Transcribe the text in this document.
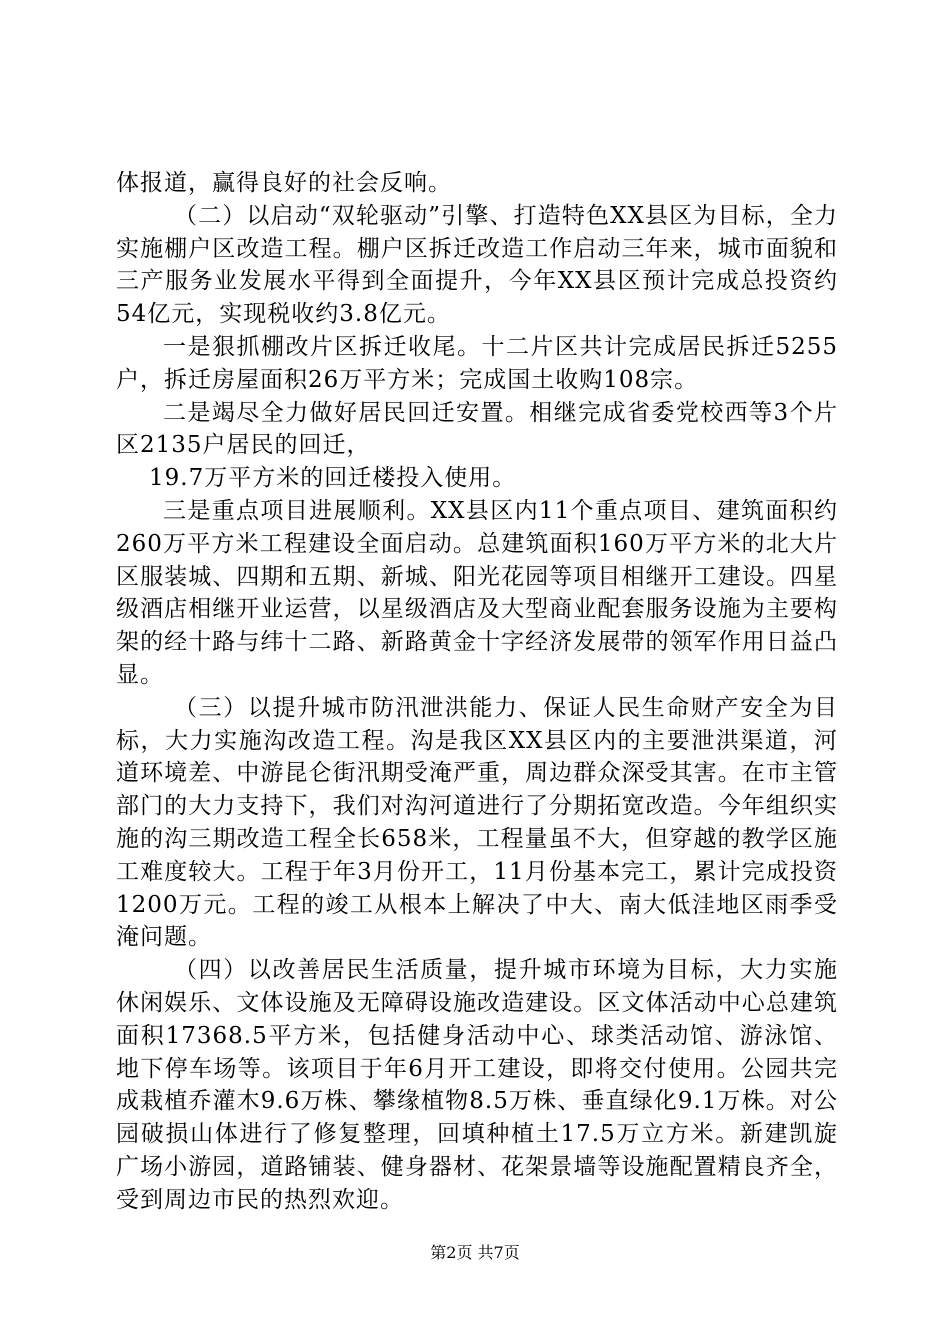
体报道，赢得良好的社会反响。

（二）以启动“双轮驱动”引擎、打造特色XX县区为目标，全力实施棚户区改造工程。棚户区拆迁改造工作启动三年来，城市面貌和三产服务业发展水平得到全面提升，今年XX县区预计完成总投资约54亿元，实现税收约3.8亿元。

一是狠抓棚改片区拆迁收尾。十二片区共计完成居民拆迁5255户，拆迁房屋面积26万平方米；完成国土收购108宗。

二是竭尽全力做好居民回迁安置。相继完成省委党校西等3个片区2135户居民的回迁，

19.7万平方米的回迁楼投入使用。

三是重点项目进展顺利。XX县区内11个重点项目、建筑面积约260万平方米工程建设全面启动。总建筑面积160万平方米的北大片区服装城、四期和五期、新城、阳光花园等项目相继开工建设。四星级酒店相继开业运营，以星级酒店及大型商业配套服务设施为主要构架的经十路与纬十二路、新路黄金十字经济发展带的领军作用日益凸显。

（三）以提升城市防汛泄洪能力、保证人民生命财产安全为目标，大力实施沟改造工程。沟是我区XX县区内的主要泄洪渠道，河道环境差、中游昆仑街汛期受淹严重，周边群众深受其害。在市主管部门的大力支持下，我们对沟河道进行了分期拓宽改造。今年组织实施的沟三期改造工程全长658米，工程量虽不大，但穿越的教学区施工难度较大。工程于年3月份开工，11月份基本完工，累计完成投资1200万元。工程的竣工从根本上解决了中大、南大低洼地区雨季受淹问题。

（四）以改善居民生活质量，提升城市环境为目标，大力实施休闲娱乐、文体设施及无障碍设施改造建设。区文体活动中心总建筑面积17368.5平方米，包括健身活动中心、球类活动馆、游泳馆、地下停车场等。该项目于年6月开工建设，即将交付使用。公园共完成栽植乔灌木9.6万株、攀缘植物8.5万株、垂直绿化9.1万株。对公园破损山体进行了修复整理，回填种植土17.5万立方米。新建凯旋广场小游园，道路铺装、健身器材、花架景墙等设施配置精良齐全，受到周边市民的热烈欢迎。

第2页 共7页
